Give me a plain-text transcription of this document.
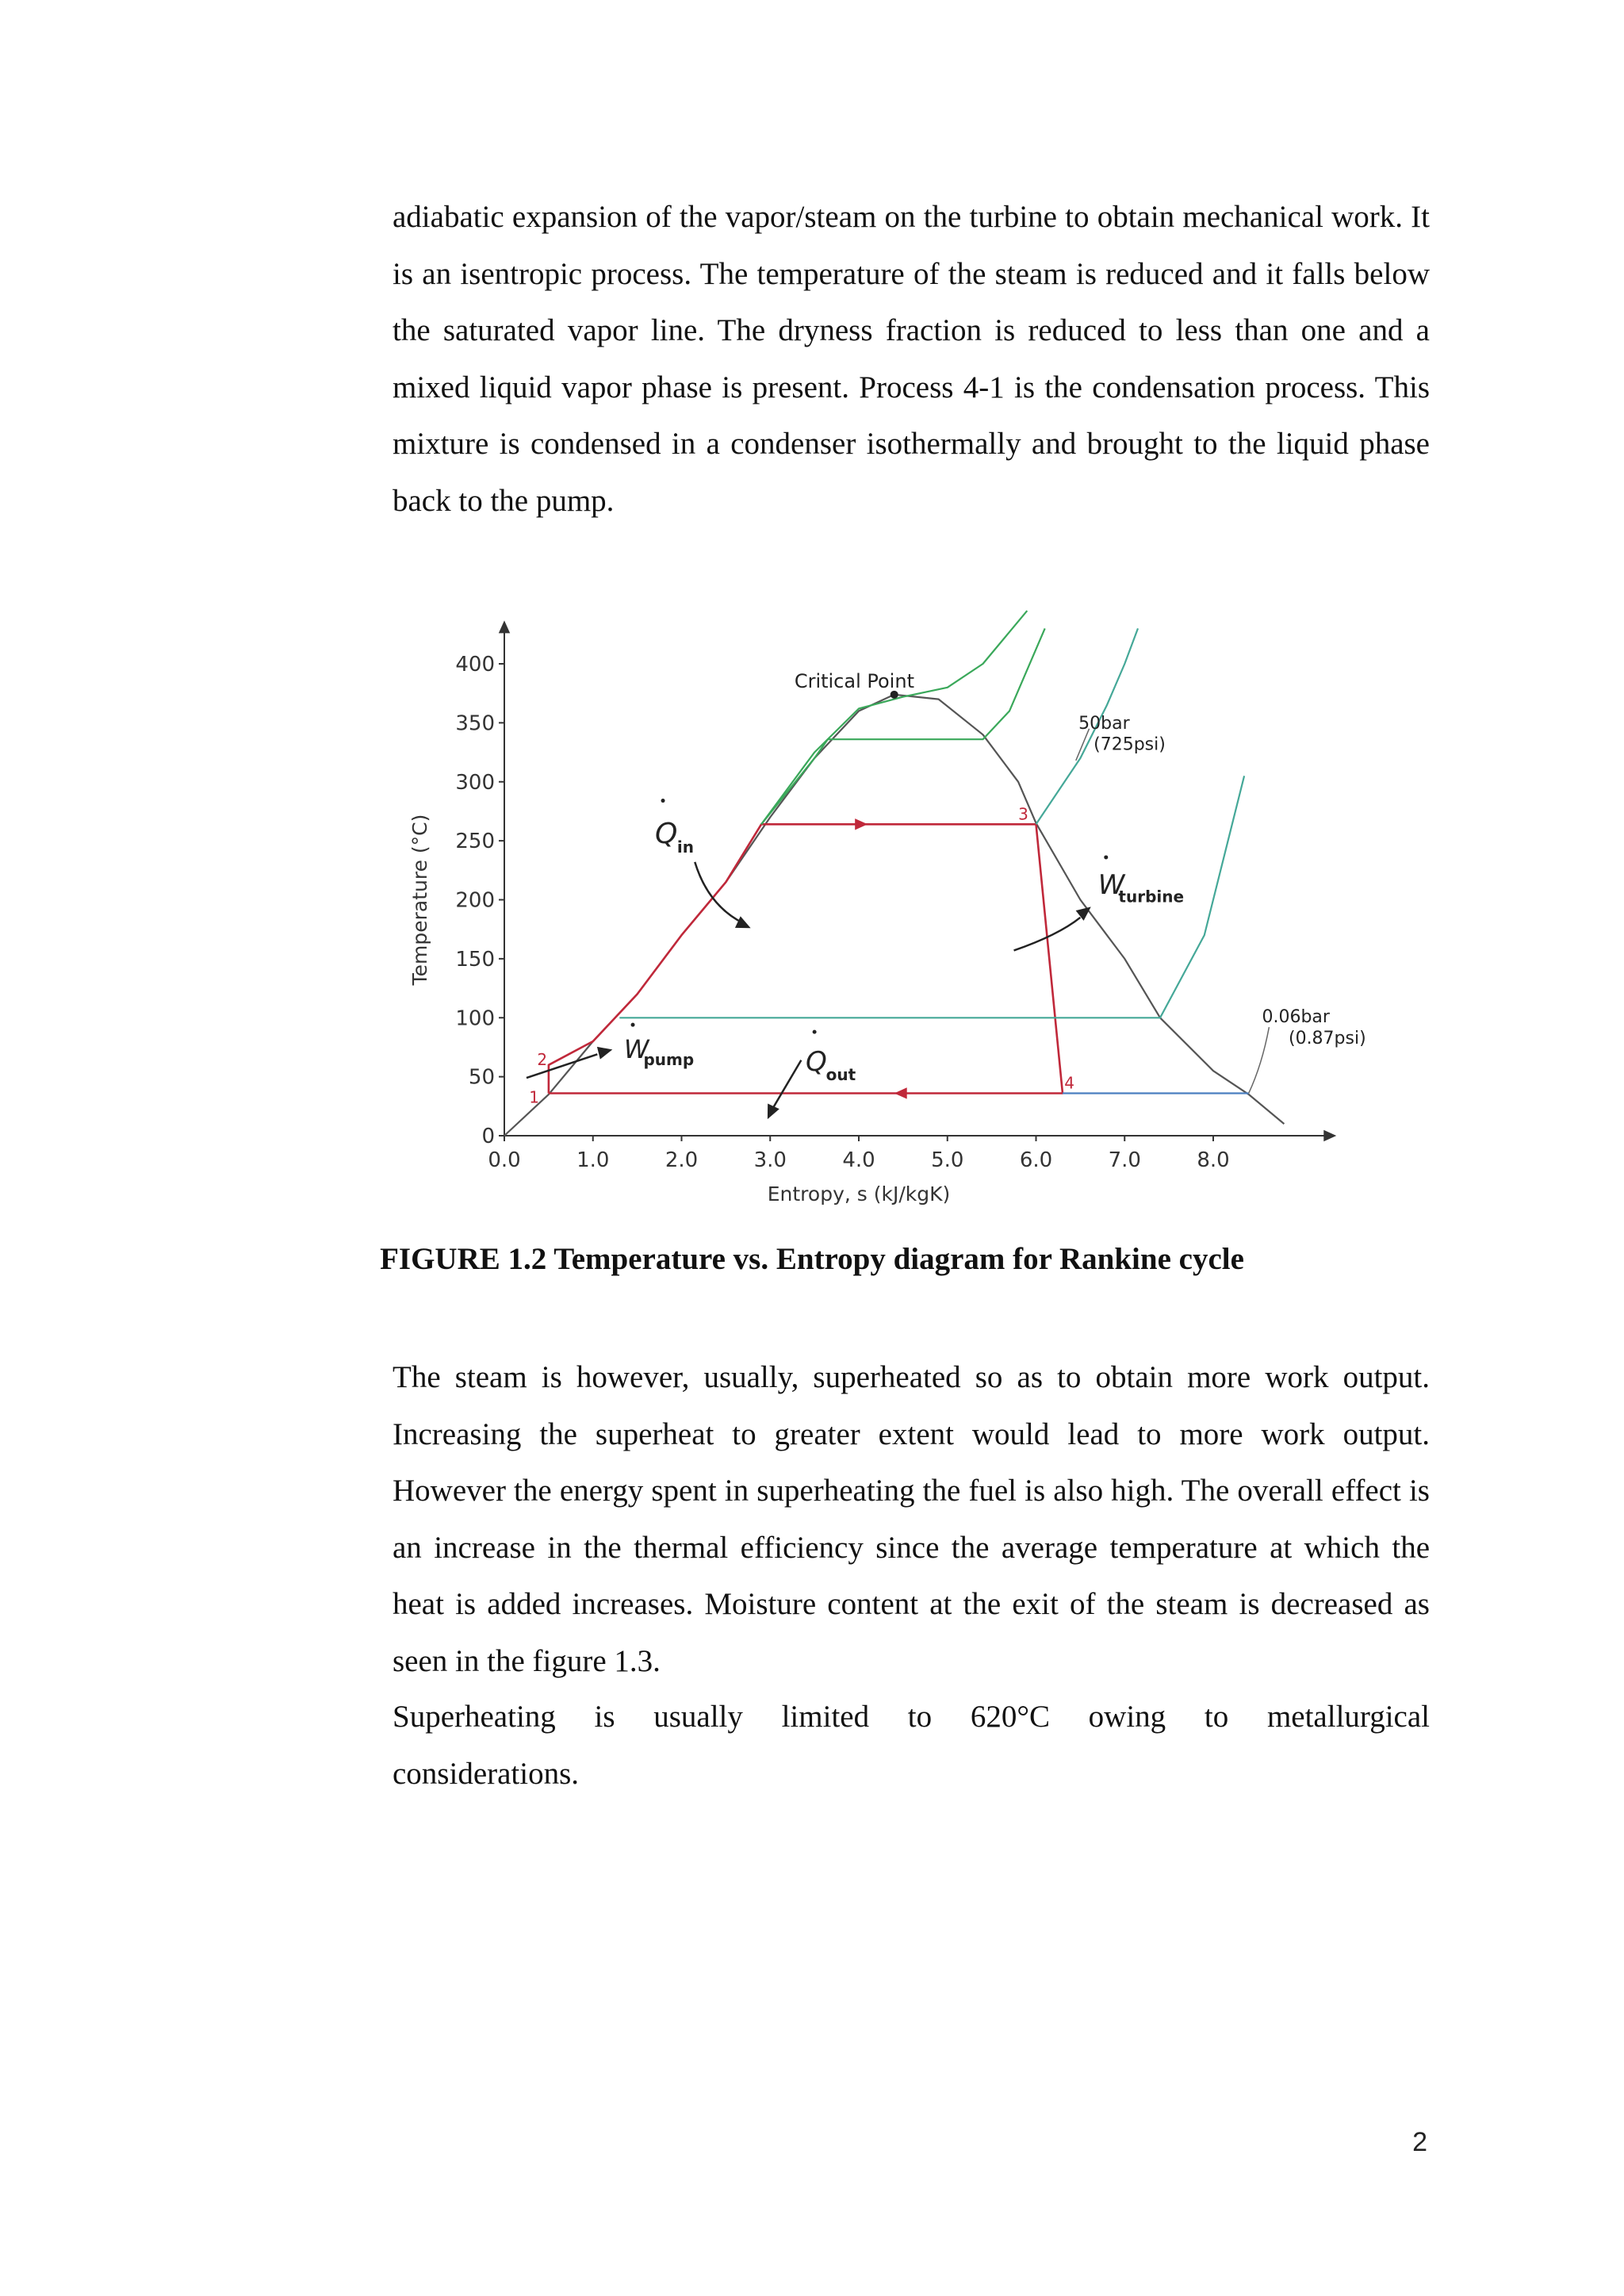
adiabatic expansion of the vapor/steam on the turbine to obtain mechanical work. It is an isentropic process. The temperature of the steam is reduced and it falls below the saturated vapor line. The dryness fraction is reduced to less than one and a mixed liquid vapor phase is present. Process 4-1 is the condensation process. This mixture is condensed in a condenser isothermally and brought to the liquid phase back to the pump.

0
50
100
150
200
250
300
350
400
0.0	1.0	2.0	3.0	4.0	5.0	6.0	7.0	8.0
Entropy, s (kJ/kgK)
Temperature (°C)
Critical Point
50bar
(725psi)
0.06bar
(0.87psi)
Q in
W
turbine
W
pump	Q
out
2
1
3
4

FIGURE 1.2 Temperature vs. Entropy diagram for Rankine cycle

The steam is however, usually, superheated so as to obtain more work output. Increasing the superheat to greater extent would lead to more work output. However the energy spent in superheating the fuel is also high. The overall effect is an increase in the thermal efficiency since the average temperature at which the heat is added increases. Moisture content at the exit of the steam is decreased as seen in the figure 1.3.

Superheating is usually limited to 620°C owing to metallurgical
considerations.
2
